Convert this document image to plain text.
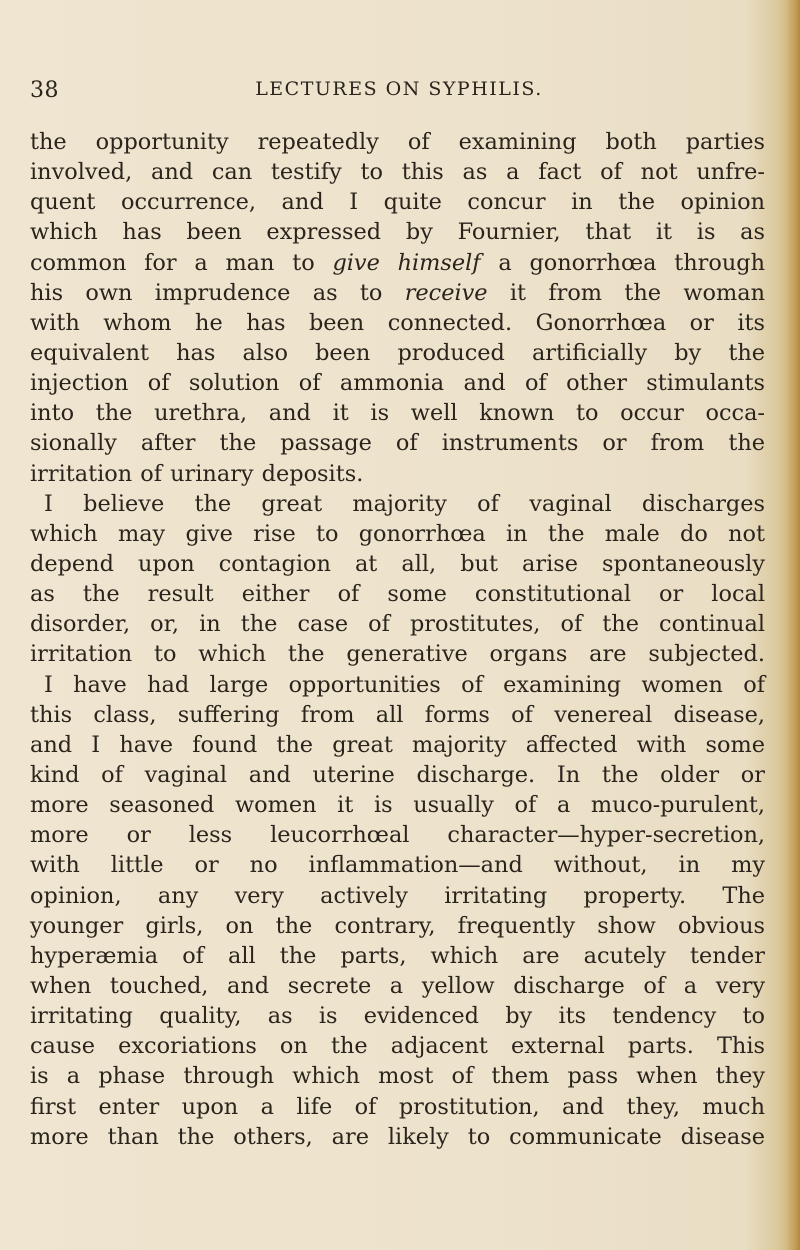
38	LECTURES ON SYPHILIS.
the opportunity repeatedly of examining both parties
involved, and can testify to this as a fact of not unfre-
quent occurrence, and I quite concur in the opinion
which has been expressed by Fournier, that it is as
common for a man to give himself a gonorrhœa through
his own imprudence as to receive it from the woman
with whom he has been connected. Gonorrhœa or its
equivalent has also been produced artificially by the
injection of solution of ammonia and of other stimulants
into the urethra, and it is well known to occur occa-
sionally after the passage of instruments or from the
irritation of urinary deposits.
I believe the great majority of vaginal discharges
which may give rise to gonorrhœa in the male do not
depend upon contagion at all, but arise spontaneously
as the result either of some constitutional or local
disorder, or, in the case of prostitutes, of the continual
irritation to which the generative organs are subjected.
I have had large opportunities of examining women of
this class, suffering from all forms of venereal disease,
and I have found the great majority affected with some
kind of vaginal and uterine discharge. In the older or
more seasoned women it is usually of a muco-purulent,
more or less leucorrhœal character—hyper-secretion,
with little or no inflammation—and without, in my
opinion, any very actively irritating property. The
younger girls, on the contrary, frequently show obvious
hyperæmia of all the parts, which are acutely tender
when touched, and secrete a yellow discharge of a very
irritating quality, as is evidenced by its tendency to
cause excoriations on the adjacent external parts. This
is a phase through which most of them pass when they
first enter upon a life of prostitution, and they, much
more than the others, are likely to communicate disease
